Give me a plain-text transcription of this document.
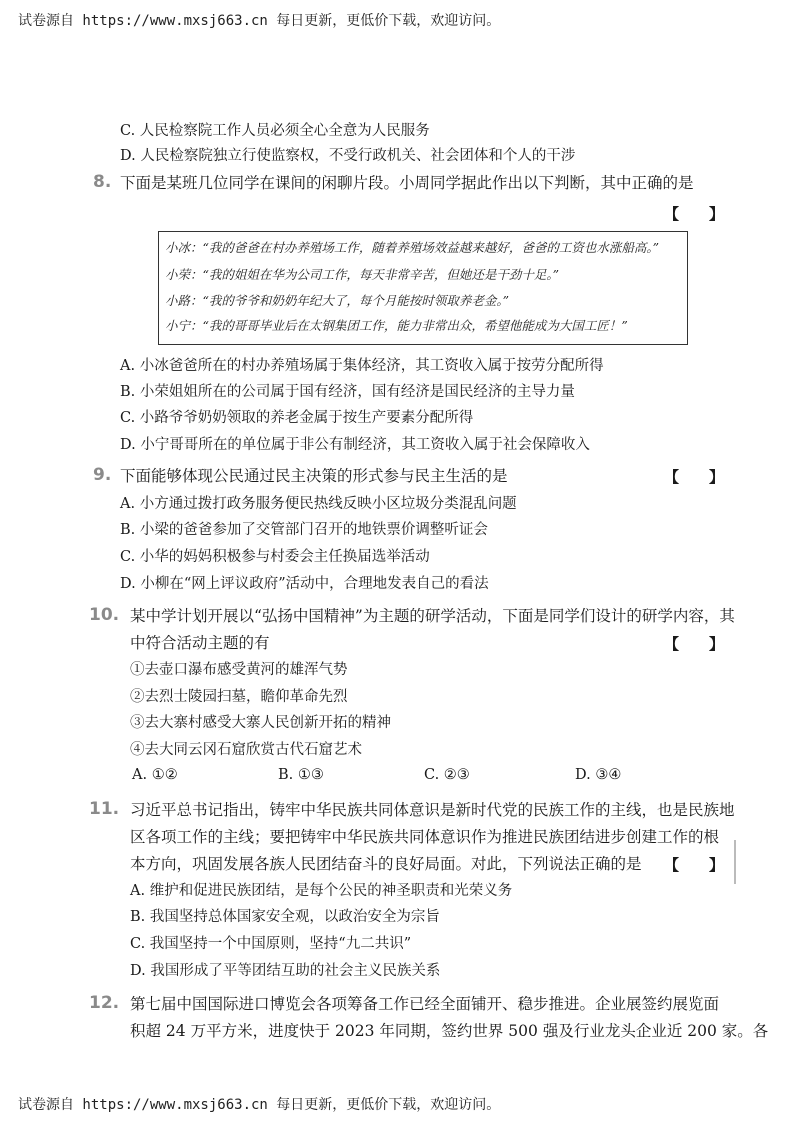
试卷源自 https://www.mxsj663.cn 每日更新，更低价下载，欢迎访问。
C. 人民检察院工作人员必须全心全意为人民服务
D. 人民检察院独立行使监察权，不受行政机关、社会团体和个人的干涉
8. 下面是某班几位同学在课间的闲聊片段。小周同学据此作出以下判断，其中正确的是
【　　】
小冰：“我的爸爸在村办养殖场工作，随着养殖场效益越来越好，爸爸的工资也水涨船高。”
小荣：“我的姐姐在华为公司工作，每天非常辛苦，但她还是干劲十足。”
小路：“我的爷爷和奶奶年纪大了，每个月能按时领取养老金。”
小宁：“我的哥哥毕业后在太钢集团工作，能力非常出众，希望他能成为大国工匠！”
A. 小冰爸爸所在的村办养殖场属于集体经济，其工资收入属于按劳分配所得
B. 小荣姐姐所在的公司属于国有经济，国有经济是国民经济的主导力量
C. 小路爷爷奶奶领取的养老金属于按生产要素分配所得
D. 小宁哥哥所在的单位属于非公有制经济，其工资收入属于社会保障收入
9. 下面能够体现公民通过民主决策的形式参与民主生活的是	【　　】
A. 小方通过拨打政务服务便民热线反映小区垃圾分类混乱问题
B. 小梁的爸爸参加了交管部门召开的地铁票价调整听证会
C. 小华的妈妈积极参与村委会主任换届选举活动
D. 小柳在“网上评议政府”活动中，合理地发表自己的看法
10. 某中学计划开展以“弘扬中国精神”为主题的研学活动，下面是同学们设计的研学内容，其
中符合活动主题的有	【　　】
①去壶口瀑布感受黄河的雄浑气势
②去烈士陵园扫墓，瞻仰革命先烈
③去大寨村感受大寨人民创新开拓的精神
④去大同云冈石窟欣赏古代石窟艺术
A. ①②	B. ①③	C. ②③	D. ③④
11. 习近平总书记指出，铸牢中华民族共同体意识是新时代党的民族工作的主线，也是民族地
区各项工作的主线；要把铸牢中华民族共同体意识作为推进民族团结进步创建工作的根
本方向，巩固发展各族人民团结奋斗的良好局面。对此，下列说法正确的是 【　　】
A. 维护和促进民族团结，是每个公民的神圣职责和光荣义务
B. 我国坚持总体国家安全观，以政治安全为宗旨
C. 我国坚持一个中国原则，坚持“九二共识”
D. 我国形成了平等团结互助的社会主义民族关系
12. 第七届中国国际进口博览会各项筹备工作已经全面铺开、稳步推进。企业展签约展览面
积超 24 万平方米，进度快于 2023 年同期，签约世界 500 强及行业龙头企业近 200 家。各
试卷源自 https://www.mxsj663.cn 每日更新，更低价下载，欢迎访问。
